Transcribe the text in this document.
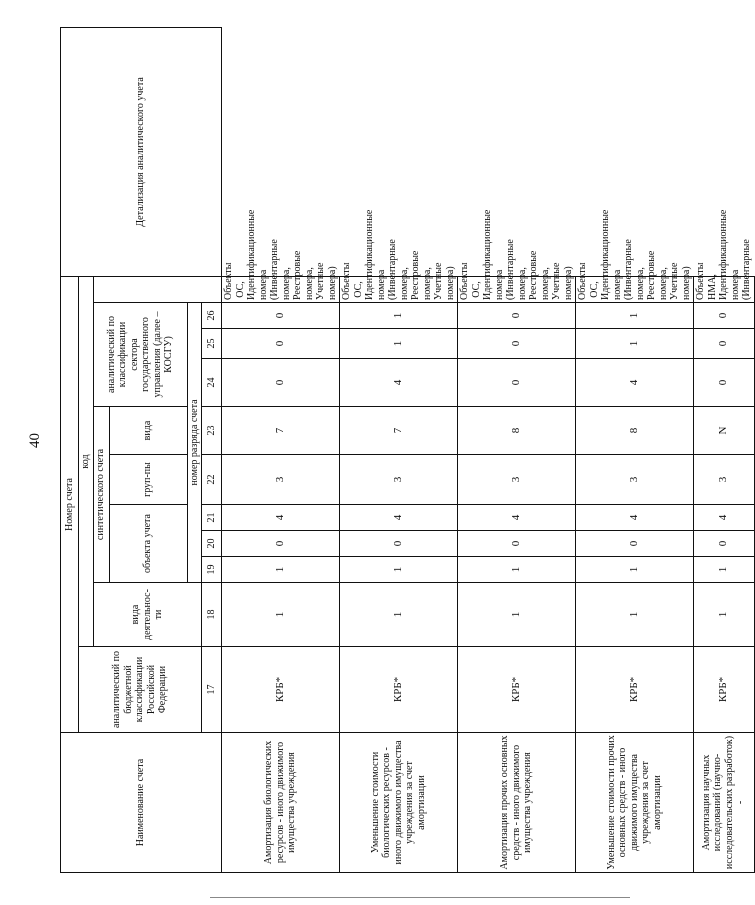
40
Наименование счета	Номер счета											Детализация аналитического учета
	аналитический по бюджетной классификации Российской Федерации	код										
		вида деятельнос-ти	синтетического счета					аналитический по классификации сектора государственного управления (далее – КОСГУ)				
			объекта учета			груп-пы	вида					
			номер разряда счета									
	17	18	19	20	21	22	23	24	25	26		
Амортизация биологических ресурсов - иного движимого имущества учреждения	КРБ*	1	1	0	4	3	7	0	0	0	Объекты ОС, Идентификационные номера (Инвентарные номера, Реестровые номера, Учетные номера)	
Уменьшение стоимости биологических ресурсов - иного движимого имущества учреждения за счет амортизации	КРБ*	1	1	0	4	3	7	4	1	1	Объекты ОС, Идентификационные номера (Инвентарные номера, Реестровые номера, Учетные номера)	
Амортизация прочих основных средств - иного движимого имущества учреждения	КРБ*	1	1	0	4	3	8	0	0	0	Объекты ОС, Идентификационные номера (Инвентарные номера, Реестровые номера, Учетные номера)	
Уменьшение стоимости прочих основных средств - иного движимого имущества учреждения за счет амортизации	КРБ*	1	1	0	4	3	8	4	1	1	Объекты ОС, Идентификационные номера (Инвентарные номера, Реестровые номера, Учетные номера)	
Амортизация научных исследований (научно-исследовательских разработок) -	КРБ*	1	1	0	4	3	N	0	0	0	Объекты НМА, Идентификационные номера (Инвентарные	
